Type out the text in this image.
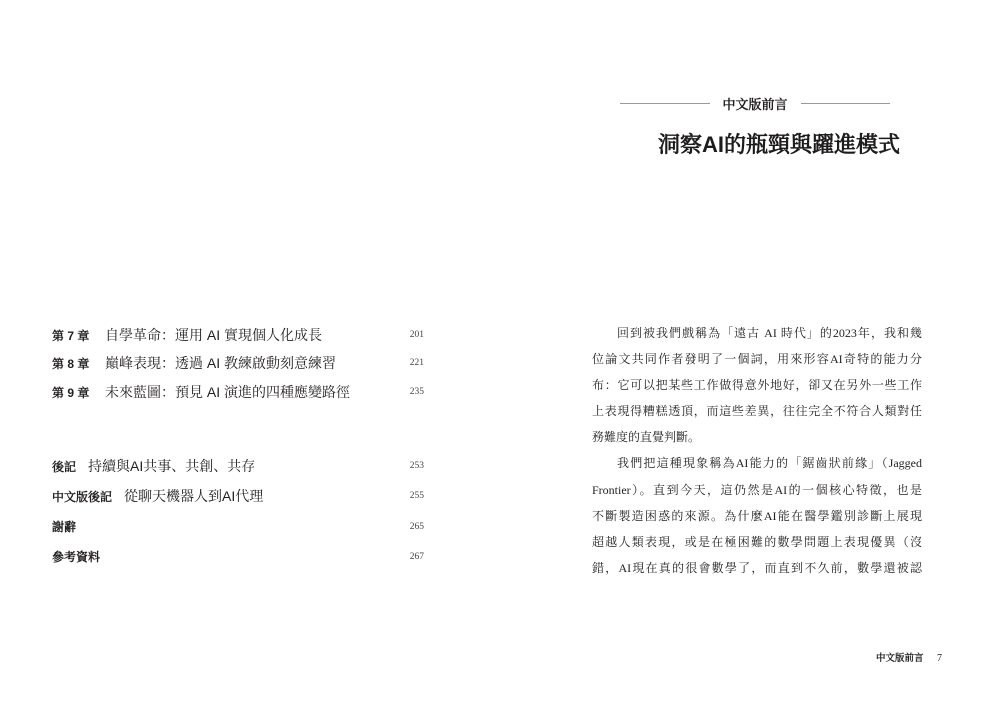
第 7 章 自學革命：運用 AI 實現個人化成長	201
第 8 章 巔峰表現：透過 AI 教練啟動刻意練習	221
第 9 章 未來藍圖：預見 AI 演進的四種應變路徑	235
後記 持續與AI共事、共創、共存	253
中文版後記 從聊天機器人到AI代理	255
謝辭	265
參考資料	267
中文版前言
洞察AI的瓶頸與躍進模式
回到被我們戲稱為「遠古 AI 時代」的2023年，我和幾
位論文共同作者發明了一個詞，用來形容AI奇特的能力分
布：它可以把某些工作做得意外地好，卻又在另外一些工作
上表現得糟糕透頂，而這些差異，往往完全不符合人類對任
務難度的直覺判斷。
我們把這種現象稱為AI能力的「鋸齒狀前緣」（Jagged
Frontier）。直到今天，這仍然是AI的一個核心特徵，也是
不斷製造困惑的來源。為什麼AI能在醫學鑑別診斷上展現
超越人類表現，或是在極困難的數學問題上表現優異（沒
錯，AI現在真的很會數學了，而直到不久前，數學還被認
中文版前言 7
